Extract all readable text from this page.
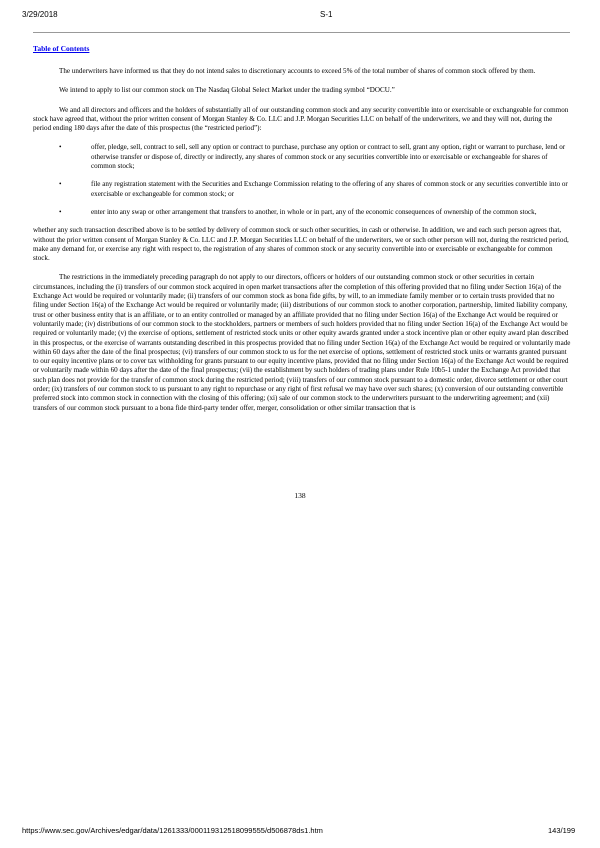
3/29/2018	S-1
Table of Contents

The underwriters have informed us that they do not intend sales to discretionary accounts to exceed 5% of the total number of shares of common stock offered by them.

We intend to apply to list our common stock on The Nasdaq Global Select Market under the trading symbol “DOCU.”

We and all directors and officers and the holders of substantially all of our outstanding common stock and any security convertible into or exercisable or exchangeable for common stock have agreed that, without the prior written consent of Morgan Stanley & Co. LLC and J.P. Morgan Securities LLC on behalf of the underwriters, we and they will not, during the period ending 180 days after the date of this prospectus (the “restricted period”):

•	offer, pledge, sell, contract to sell, sell any option or contract to purchase, purchase any option or contract to sell, grant any option, right or warrant to purchase, lend or otherwise transfer or dispose of, directly or indirectly, any shares of common stock or any securities convertible into or exercisable or exchangeable for shares of common stock;
•	file any registration statement with the Securities and Exchange Commission relating to the offering of any shares of common stock or any securities convertible into or exercisable or exchangeable for common stock; or
•	enter into any swap or other arrangement that transfers to another, in whole or in part, any of the economic consequences of ownership of the common stock,

whether any such transaction described above is to be settled by delivery of common stock or such other securities, in cash or otherwise. In addition, we and each such person agrees that, without the prior written consent of Morgan Stanley & Co. LLC and J.P. Morgan Securities LLC on behalf of the underwriters, we or such other person will not, during the restricted period, make any demand for, or exercise any right with respect to, the registration of any shares of common stock or any security convertible into or exercisable or exchangeable for common stock.

The restrictions in the immediately preceding paragraph do not apply to our directors, officers or holders of our outstanding common stock or other securities in certain circumstances, including the (i) transfers of our common stock acquired in open market transactions after the completion of this offering provided that no filing under Section 16(a) of the Exchange Act would be required or voluntarily made; (ii) transfers of our common stock as bona fide gifts, by will, to an immediate family member or to certain trusts provided that no filing under Section 16(a) of the Exchange Act would be required or voluntarily made; (iii) distributions of our common stock to another corporation, partnership, limited liability company, trust or other business entity that is an affiliate, or to an entity controlled or managed by an affiliate provided that no filing under Section 16(a) of the Exchange Act would be required or voluntarily made; (iv) distributions of our common stock to the stockholders, partners or members of such holders provided that no filing under Section 16(a) of the Exchange Act would be required or voluntarily made; (v) the exercise of options, settlement of restricted stock units or other equity awards granted under a stock incentive plan or other equity award plan described in this prospectus, or the exercise of warrants outstanding described in this prospectus provided that no filing under Section 16(a) of the Exchange Act would be required or voluntarily made within 60 days after the date of the final prospectus; (vi) transfers of our common stock to us for the net exercise of options, settlement of restricted stock units or warrants granted pursuant to our equity incentive plans or to cover tax withholding for grants pursuant to our equity incentive plans, provided that no filing under Section 16(a) of the Exchange Act would be required or voluntarily made within 60 days after the date of the final prospectus; (vii) the establishment by such holders of trading plans under Rule 10b5-1 under the Exchange Act provided that such plan does not provide for the transfer of common stock during the restricted period; (viii) transfers of our common stock pursuant to a domestic order, divorce settlement or other court order; (ix) transfers of our common stock to us pursuant to any right to repurchase or any right of first refusal we may have over such shares; (x) conversion of our outstanding convertible preferred stock into common stock in connection with the closing of this offering; (xi) sale of our common stock to the underwriters pursuant to the underwriting agreement; and (xii) transfers of our common stock pursuant to a bona fide third-party tender offer, merger, consolidation or other similar transaction that is

138
https://www.sec.gov/Archives/edgar/data/1261333/000119312518099555/d506878ds1.htm	143/199
